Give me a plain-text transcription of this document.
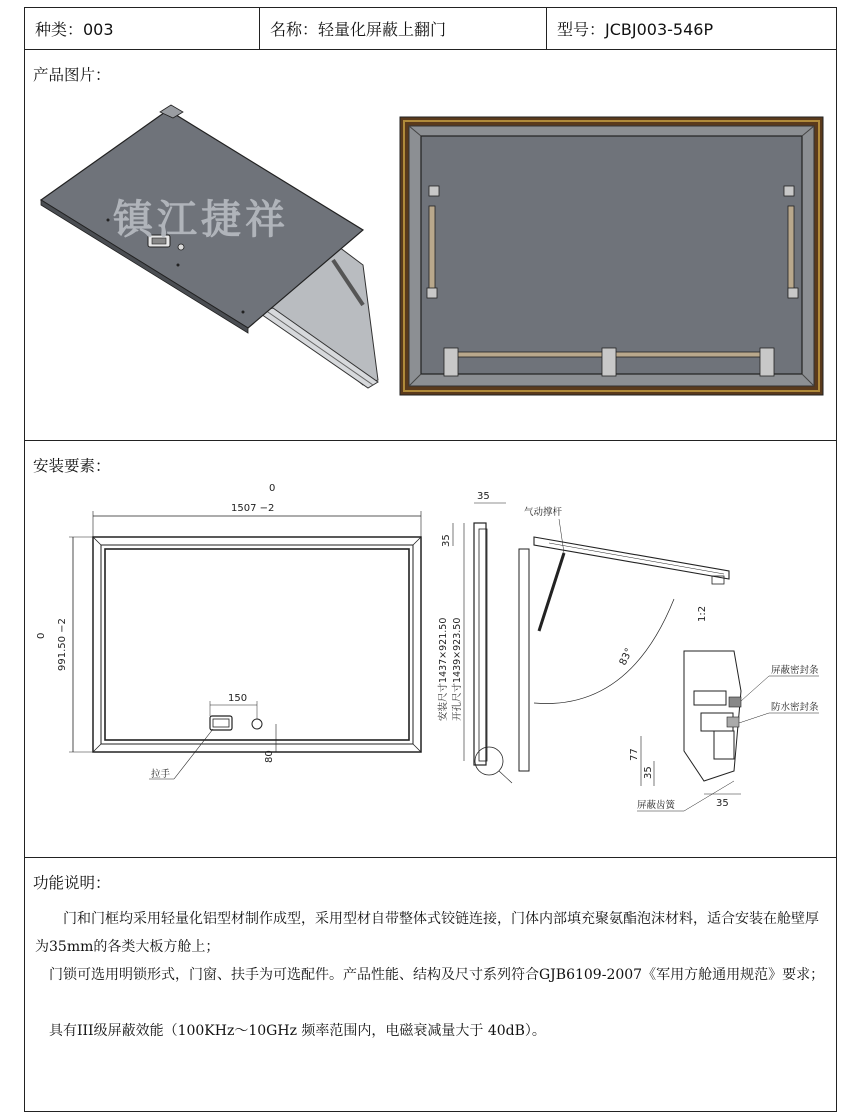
种类：003	名称：轻量化屏蔽上翻门	型号：JCBJ003-546P
产品图片：
镇江捷祥
安装要素：
0
1507 −2
0 991.50 −2
150
80
拉手
35
35
安装尺寸1437×921.50 开孔尺寸1439×923.50
气动撑杆
83°
1:2
屏蔽密封条
防水密封条
屏蔽齿簧
77
35
35
功能说明：

门和门框均采用轻量化铝型材制作成型，采用型材自带整体式铰链连接，门体内部填充聚氨酯泡沫材料，适合安装在舱壁厚为35mm的各类大板方舱上；

门锁可选用明锁形式，门窗、扶手为可选配件。产品性能、结构及尺寸系列符合GJB6109-2007《军用方舱通用规范》要求；

具有III级屏蔽效能（100KHz～10GHz 频率范围内，电磁衰减量大于 40dB）。
